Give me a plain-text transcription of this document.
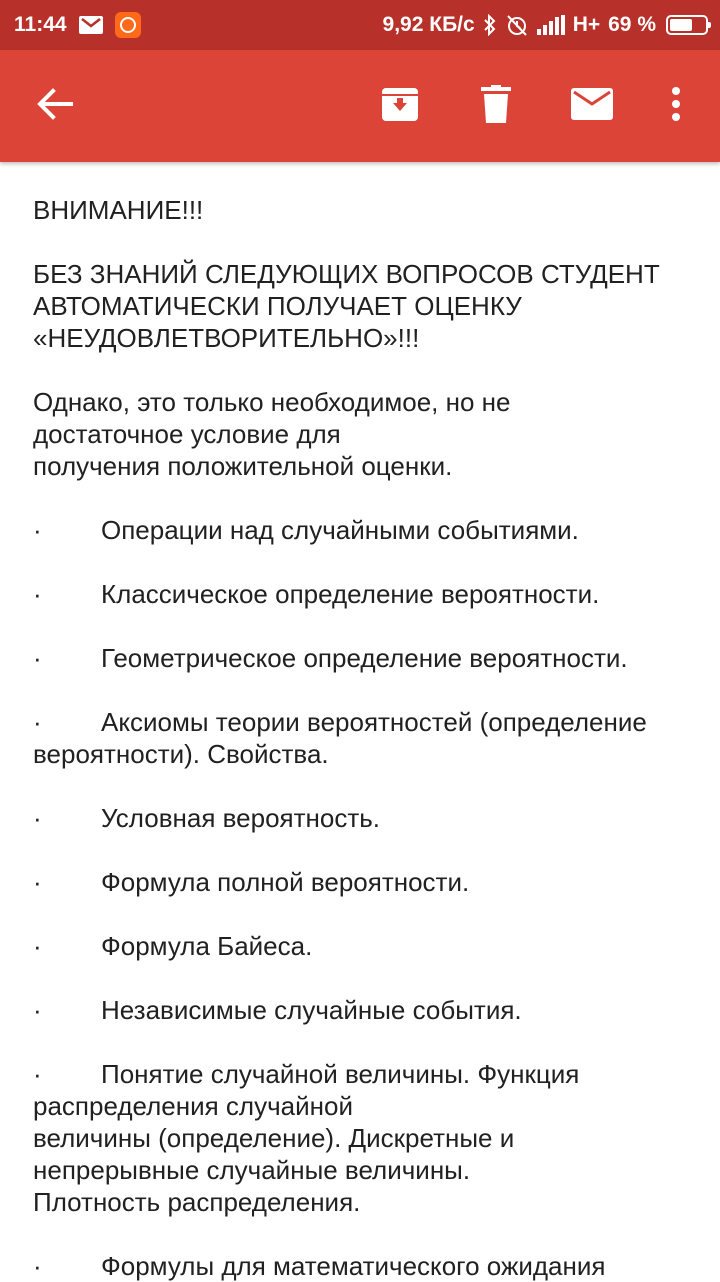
11:44	9,92 КБ/с	H+ 69 %

ВНИМАНИЕ!!!

БЕЗ ЗНАНИЙ СЛЕДУЮЩИХ ВОПРОСОВ СТУДЕНТ

АВТОМАТИЧЕСКИ ПОЛУЧАЕТ ОЦЕНКУ

«НЕУДОВЛЕТВОРИТЕЛЬНО»!!!

Однако, это только необходимое, но не

достаточное условие для

получения положительной оценки.

·	Операции над случайными событиями.
·	Классическое определение вероятности.
·	Геометрическое определение вероятности.
·	Аксиомы теории вероятностей (определение

вероятности). Свойства.

·	Условная вероятность.
·	Формула полной вероятности.
·	Формула Байеса.
·	Независимые случайные события.
·	Понятие случайной величины. Функция

распределения случайной

величины (определение). Дискретные и

непрерывные случайные величины.

Плотность распределения.

·	Формулы для математического ожидания
